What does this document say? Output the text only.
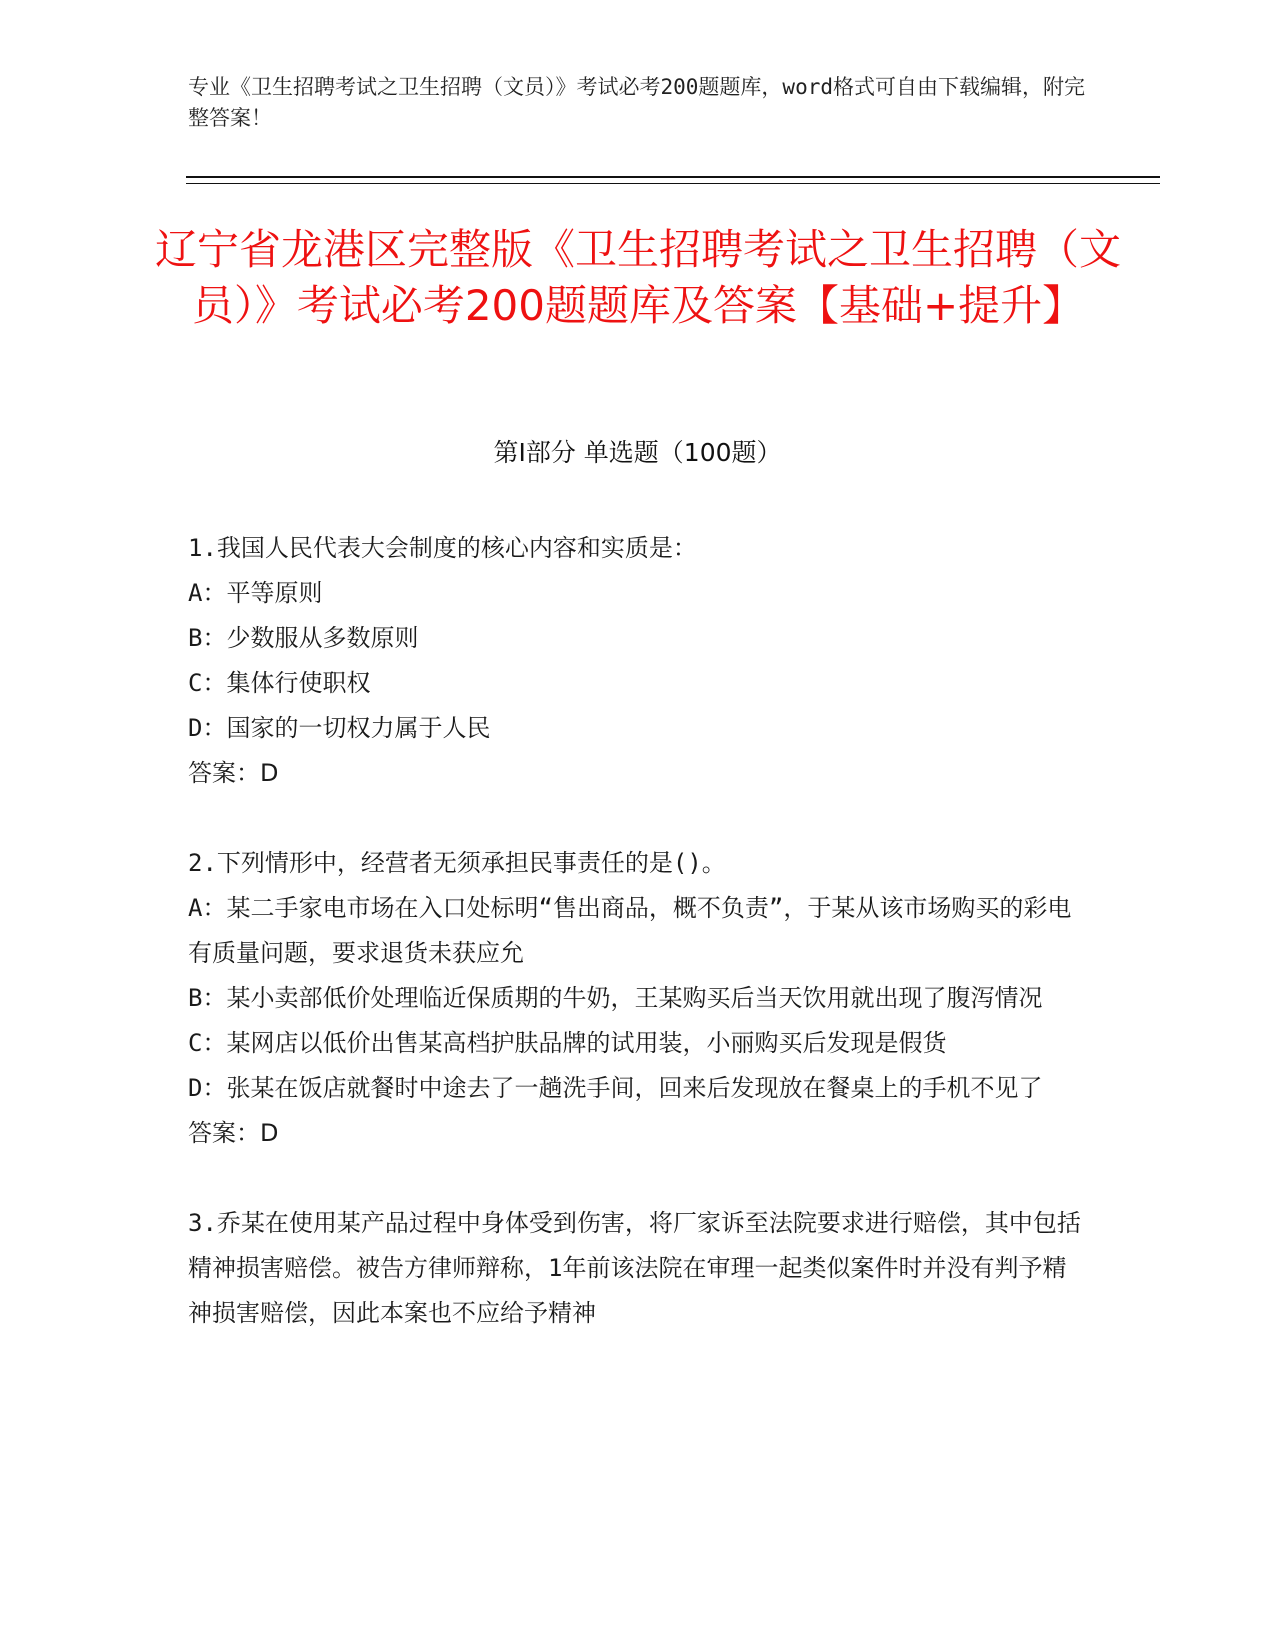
专业《卫生招聘考试之卫生招聘（文员）》考试必考200题题库，word格式可自由下载编辑，附完整答案！
辽宁省龙港区完整版《卫生招聘考试之卫生招聘（文员）》考试必考200题题库及答案【基础+提升】
第Ⅰ部分 单选题（100题）
1.我国人民代表大会制度的核心内容和实质是：
A：平等原则
B：少数服从多数原则
C：集体行使职权
D：国家的一切权力属于人民
答案：D
2.下列情形中，经营者无须承担民事责任的是()。
A：某二手家电市场在入口处标明“售出商品，概不负责”，于某从该市场购买的彩电有质量问题，要求退货未获应允
B：某小卖部低价处理临近保质期的牛奶，王某购买后当天饮用就出现了腹泻情况
C：某网店以低价出售某高档护肤品牌的试用装，小丽购买后发现是假货
D：张某在饭店就餐时中途去了一趟洗手间，回来后发现放在餐桌上的手机不见了
答案：D
3.乔某在使用某产品过程中身体受到伤害，将厂家诉至法院要求进行赔偿，其中包括精神损害赔偿。被告方律师辩称，1年前该法院在审理一起类似案件时并没有判予精神损害赔偿，因此本案也不应给予精神
